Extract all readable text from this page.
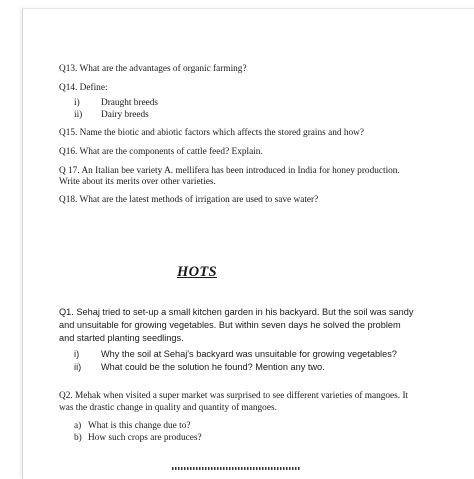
Q13. What are the advantages of organic farming?
Q14. Define:
i) Draught breeds
ii) Dairy breeds
Q15. Name the biotic and abiotic factors which affects the stored grains and how?
Q16. What are the components of cattle feed? Explain.
Q 17. An Italian bee variety A. mellifera has been introduced in India for honey production.
Write about its merits over other varieties.
Q18. What are the latest methods of irrigation are used to save water?
HOTS
Q1. Sehaj tried to set-up a small kitchen garden in his backyard. But the soil was sandy
and unsuitable for growing vegetables. But within seven days he solved the problem
and started planting seedlings.
i) Why the soil at Sehaj's backyard was unsuitable for growing vegetables?
ii) What could be the solution he found? Mention any two.
Q2. Mehak when visited a super market was surprised to see different varieties of mangoes. It
was the drastic change in quality and quantity of mangoes.
a) What is this change due to?
b) How such crops are produces?
